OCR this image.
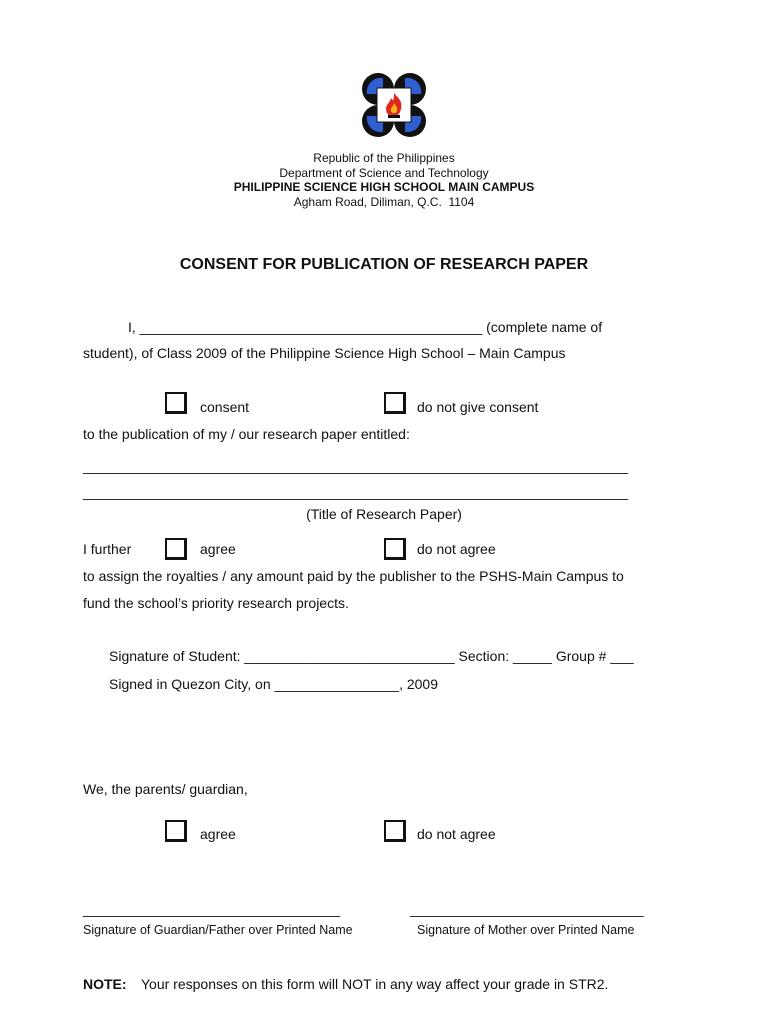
Republic of the Philippines
Department of Science and Technology
PHILIPPINE SCIENCE HIGH SCHOOL MAIN CAMPUS
Agham Road, Diliman, Q.C.  1104
CONSENT FOR PUBLICATION OF RESEARCH PAPER
I, ____________________________________________ (complete name of
student), of Class 2009 of the Philippine Science High School – Main Campus
consent	do not give consent
to the publication of my / our research paper entitled:
______________________________________________________________________
______________________________________________________________________
(Title of Research Paper)
I further	agree	do not agree
to assign the royalties / any amount paid by the publisher to the PSHS-Main Campus to
fund the school’s priority research projects.
Signature of Student: ___________________________ Section: _____ Group # ___
Signed in Quezon City, on ________________, 2009
We, the parents/ guardian,
agree	do not agree
_________________________________	______________________________
Signature of Guardian/Father over Printed Name	Signature of Mother over Printed Name
NOTE: Your responses on this form will NOT in any way affect your grade in STR2.
